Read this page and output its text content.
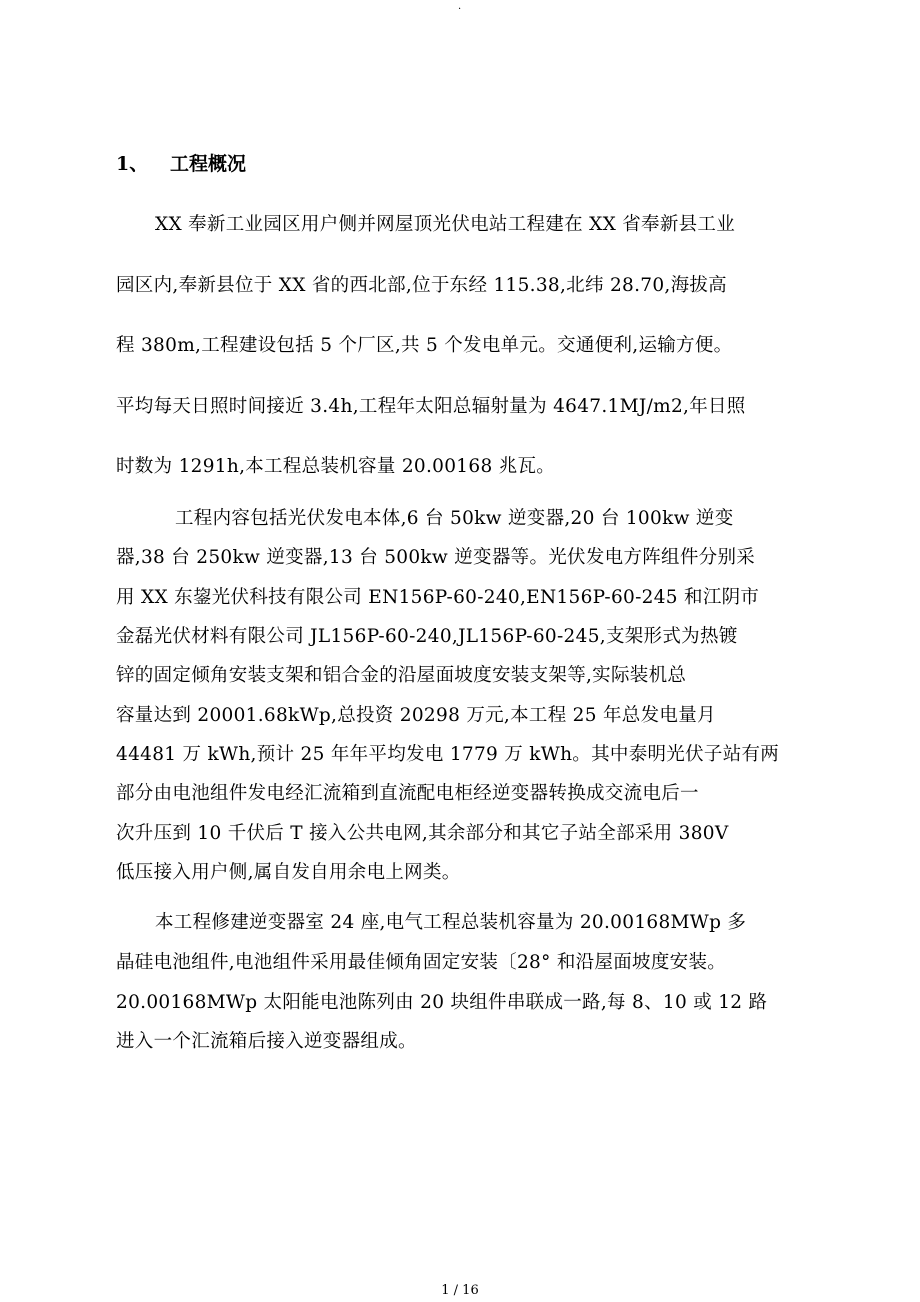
.
1、 工程概况
XX 奉新工业园区用户侧并网屋顶光伏电站工程建在 XX 省奉新县工业
园区内,奉新县位于 XX 省的西北部,位于东经 115.38,北纬 28.70,海拔高
程 380m,工程建设包括 5 个厂区,共 5 个发电单元。交通便利,运输方便。
平均每天日照时间接近 3.4h,工程年太阳总辐射量为 4647.1MJ/m2,年日照
时数为 1291h,本工程总装机容量 20.00168 兆瓦。
工程内容包括光伏发电本体,6 台 50kw 逆变器,20 台 100kw 逆变
器,38 台 250kw 逆变器,13 台 500kw 逆变器等。光伏发电方阵组件分别采
用 XX 东鋆光伏科技有限公司 EN156P-60-240,EN156P-60-245 和江阴市
金磊光伏材料有限公司 JL156P-60-240,JL156P-60-245,支架形式为热镀
锌的固定倾角安装支架和铝合金的沿屋面坡度安装支架等,实际装机总
容量达到 20001.68kWp,总投资 20298 万元,本工程 25 年总发电量月
44481 万 kWh,预计 25 年年平均发电 1779 万 kWh。其中泰明光伏子站有两
部分由电池组件发电经汇流箱到直流配电柜经逆变器转换成交流电后一
次升压到 10 千伏后 T 接入公共电网,其余部分和其它子站全部采用 380V
低压接入用户侧,属自发自用余电上网类。
本工程修建逆变器室 24 座,电气工程总装机容量为 20.00168MWp 多
晶硅电池组件,电池组件采用最佳倾角固定安装〔28° 和沿屋面坡度安装。
20.00168MWp 太阳能电池陈列由 20 块组件串联成一路,每 8、10 或 12 路
进入一个汇流箱后接入逆变器组成。
1 / 16
